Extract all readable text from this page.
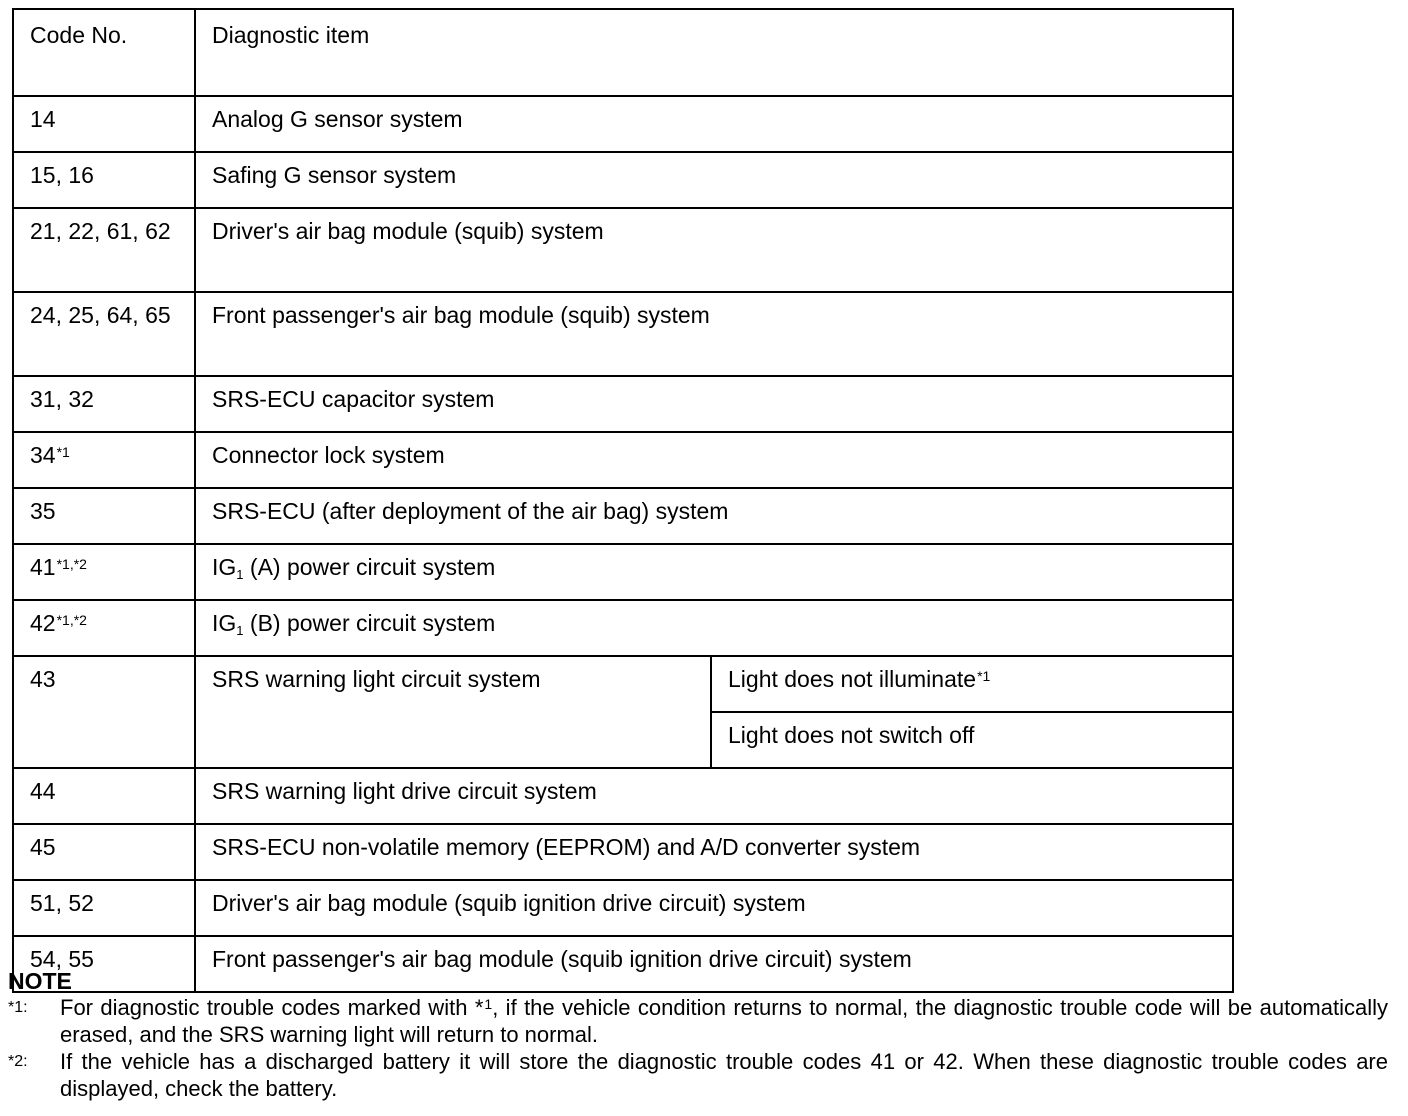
Code No.	Diagnostic item	
14	Analog G sensor system	
15, 16	Safing G sensor system	
21, 22, 61, 62	Driver's air bag module (squib) system	
24, 25, 64, 65	Front passenger's air bag module (squib) system	
31, 32	SRS-ECU capacitor system	
34$^{*1}$	Connector lock system	
35	SRS-ECU (after deployment of the air bag) system	
41$^{*1,*2}$	$IG_1$ (A) power circuit system	
42$^{*1,*2}$	$IG_1$ (B) power circuit system	
43	SRS warning light circuit system	Light does not illuminate$^{*1}$
		Light does not switch off
44	SRS warning light drive circuit system	
45	SRS-ECU non-volatile memory (EEPROM) and A/D converter system	
51, 52	Driver's air bag module (squib ignition drive circuit) system	
54, 55	Front passenger's air bag module (squib ignition drive circuit) system	
NOTE
*1:	For diagnostic trouble codes marked with *$^1$, if the vehicle condition returns to normal, the diagnostic trouble code will be automatically erased, and the SRS warning light will return to normal.
*2:	If the vehicle has a discharged battery it will store the diagnostic trouble codes 41 or 42. When these diagnostic trouble codes are displayed, check the battery.
